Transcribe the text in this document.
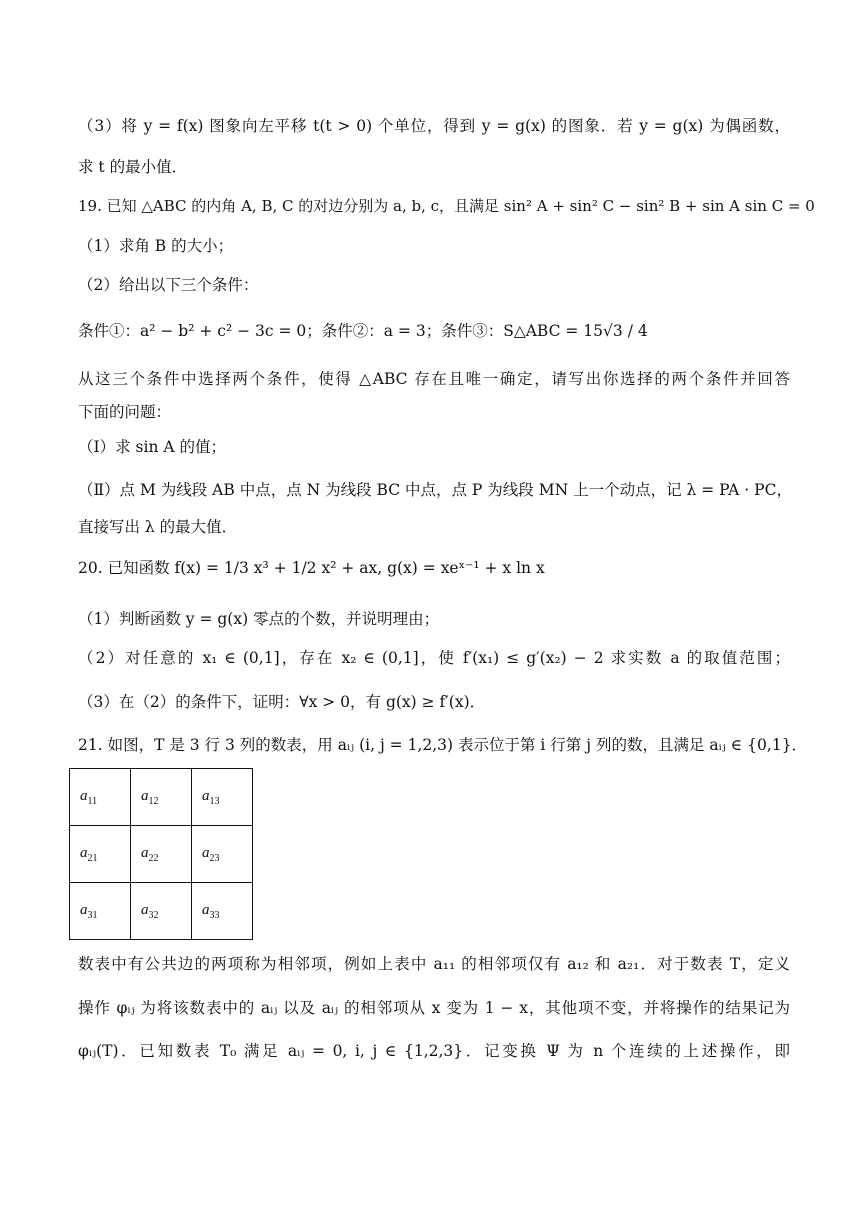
（3）将 y = f(x) 图象向左平移 t(t > 0) 个单位，得到 y = g(x) 的图象．若 y = g(x) 为偶函数，
求 t 的最小值．
19. 已知 △ABC 的内角 A, B, C 的对边分别为 a, b, c，且满足 sin² A + sin² C − sin² B + sin A sin C = 0
（1）求角 B 的大小；
（2）给出以下三个条件：
条件①：a² − b² + c² − 3c = 0；条件②：a = 3；条件③：S△ABC = 15√3 / 4
从这三个条件中选择两个条件，使得 △ABC 存在且唯一确定，请写出你选择的两个条件并回答
下面的问题：
（Ⅰ）求 sin A 的值；
（Ⅱ）点 M 为线段 AB 中点，点 N 为线段 BC 中点，点 P 为线段 MN 上一个动点，记 λ = PA · PC，
直接写出 λ 的最大值．
20. 已知函数 f(x) = 1/3 x³ + 1/2 x² + ax, g(x) = xeˣ⁻¹ + x ln x
（1）判断函数 y = g(x) 零点的个数，并说明理由；
（2）对任意的 x₁ ∈ (0,1]，存在 x₂ ∈ (0,1]，使 f′(x₁) ≤ g′(x₂) − 2 求实数 a 的取值范围；
（3）在（2）的条件下，证明：∀x > 0，有 g(x) ≥ f′(x)．
21. 如图，T 是 3 行 3 列的数表，用 aᵢⱼ (i, j = 1,2,3) 表示位于第 i 行第 j 列的数，且满足 aᵢⱼ ∈ {0,1}．
$a_{11}$	$a_{12}$	$a_{13}$
$a_{21}$	$a_{22}$	$a_{23}$
$a_{31}$	$a_{32}$	$a_{33}$
数表中有公共边的两项称为相邻项，例如上表中 a₁₁ 的相邻项仅有 a₁₂ 和 a₂₁．对于数表 T，定义
操作 φᵢⱼ 为将该数表中的 aᵢⱼ 以及 aᵢⱼ 的相邻项从 x 变为 1 − x，其他项不变，并将操作的结果记为
φᵢⱼ(T)．已知数表 T₀ 满足 aᵢⱼ = 0, i, j ∈ {1,2,3}．记变换 Ψ 为 n 个连续的上述操作，即
